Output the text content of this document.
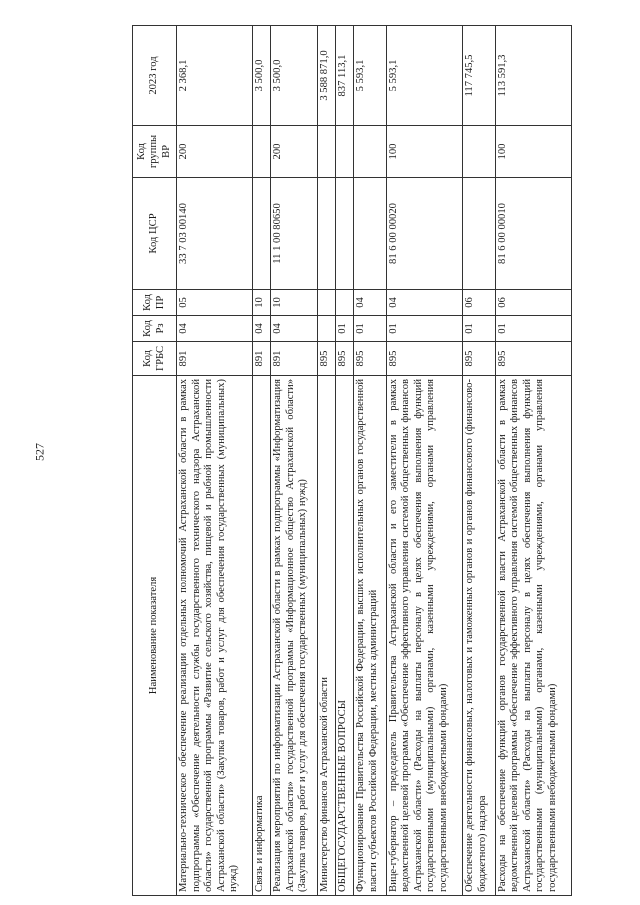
527
Наименование показателя	Код ГРБС	Код Рз	Код ПР	Код ЦСР	Код группы ВР	2023 год
Материально-техническое обеспечение реализации отдельных полномочий Астраханской области в рамках подпрограммы «Обеспечение деятельности службы государственного технического надзора Астраханской области» государственной программы «Развитие сельского хозяйства, пищевой и рыбной промышленности Астраханской области» (Закупка товаров, работ и услуг для обеспечения государственных (муниципальных) нужд)	891	04	05	33 7 03 00140	200	2 368,1
Связь и информатика	891	04	10			3 500,0
Реализация мероприятий по информатизации Астраханской области в рамках подпрограммы «Информатизация Астраханской области» государственной программы «Информационное общество Астраханской области» (Закупка товаров, работ и услуг для обеспечения государственных (муниципальных) нужд)	891	04	10	11 1 00 80650	200	3 500,0
Министерство финансов Астраханской области	895					3 588 871,0
ОБЩЕГОСУДАРСТВЕННЫЕ ВОПРОСЫ	895	01				837 113,1
Функционирование Правительства Российской Федерации, высших исполнительных органов государственной власти субъектов Российской Федерации, местных администраций	895	01	04			5 593,1
Вице-губернатор – председатель Правительства Астраханской области и его заместители в рамках ведомственной целевой программы «Обеспечение эффективного управления системой общественных финансов Астраханской области» (Расходы на выплаты персоналу в целях обеспечения выполнения функций государственными (муниципальными) органами, казенными учреждениями, органами управления государственными внебюджетными фондами)	895	01	04	81 6 00 00020	100	5 593,1
Обеспечение деятельности финансовых, налоговых и таможенных органов и органов финансового (финансово-бюджетного) надзора	895	01	06			117 745,5
Расходы на обеспечение функций органов государственной власти Астраханской области в рамках ведомственной целевой программы «Обеспечение эффективного управления системой общественных финансов Астраханской области» (Расходы на выплаты персоналу в целях обеспечения выполнения функций государственными (муниципальными) органами, казенными учреждениями, органами управления государственными внебюджетными фондами)	895	01	06	81 6 00 00010	100	113 591,3
